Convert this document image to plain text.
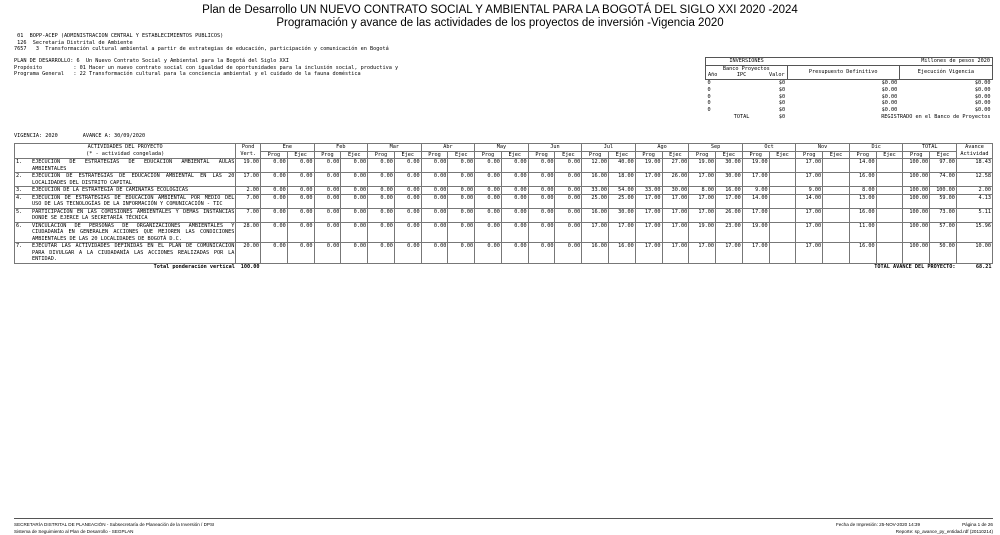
Plan de Desarrollo UN NUEVO CONTRATO SOCIAL Y AMBIENTAL PARA LA BOGOTÁ DEL SIGLO XXI 2020 -2024
Programación y avance de las actividades de los proyectos de inversión -Vigencia 2020
01  BOPP-ACEP (ADMINISTRACION CENTRAL Y ESTABLECIMIENTOS PUBLICOS)
126  Secretaría Distrital de Ambiente
7657   3  Transformación cultural ambiental a partir de estrategias de educación, participación y comunicación en Bogotá
PLAN DE DESARROLLO: 6  Un Nuevo Contrato Social y Ambiental para la Bogotá del Siglo XXI
Propósito          : 01 Hacer un nuevo contrato social con igualdad de oportunidades para la inclusión social, productiva y
Programa General   : 22 Transformación cultural para la conciencia ambiental y el cuidado de la fauna doméstica
INVERSIONES			Millones de pesos 2020	
Banco Proyectos			Presupuesto Definitivo	Ejecución Vigencia
Año	IPC	Valor		
0		$0	$0.00	$0.00
0		$0	$0.00	$0.00
0		$0	$0.00	$0.00
0		$0	$0.00	$0.00
0		$0	$0.00	$0.00
	TOTAL	$0	REGISTRADO en el Banco de Proyectos	
VIGENCIA: 2020        AVANCE A: 30/09/2020
ACTIVIDADES DEL PROYECTO		Pond	Ene		Feb		Mar		Abr		May		Jun		Jul		Ago		Sep		Oct		Nov		Dic		TOTAL		Avance
(* - actividad congelada)		Vert.	Prog	Ejec	Prog	Ejec	Prog	Ejec	Prog	Ejec	Prog	Ejec	Prog	Ejec	Prog	Ejec	Prog	Ejec	Prog	Ejec	Prog	Ejec	Prog	Ejec	Prog	Ejec	Prog	Ejec	Actividad
1.	EJECUCIÓN DE ESTRATEGIAS DE EDUCACIÓN AMBIENTAL AULAS AMBIENTALES	19.00	0.00	0.00	0.00	0.00	0.00	0.00	0.00	0.00	0.00	0.00	0.00	0.00	12.00	40.00	19.00	27.00	19.00	30.00	19.00		17.00		14.00		100.00	97.00	18.43
2.	EJECUCIÓN DE ESTRATEGIAS DE EDUCACIÓN AMBIENTAL EN LAS 20 LOCALIDADES DEL DISTRITO CAPITAL	17.00	0.00	0.00	0.00	0.00	0.00	0.00	0.00	0.00	0.00	0.00	0.00	0.00	16.00	18.00	17.00	26.00	17.00	30.00	17.00		17.00		16.00		100.00	74.00	12.58
3.	EJECUCIÓN DE LA ESTRATEGIA DE CAMINATAS ECOLÓGICAS	2.00	0.00	0.00	0.00	0.00	0.00	0.00	0.00	0.00	0.00	0.00	0.00	0.00	33.00	54.00	33.00	30.00	8.00	16.00	9.00		9.00		8.00		100.00	100.00	2.00
4.	EJECUCIÓN DE ESTRATEGIAS DE EDUCACIÓN AMBIENTAL POR MEDIO DEL USO DE LAS TECNOLOGÍAS DE LA INFORMACIÓN Y COMUNICACIÓN - TIC	7.00	0.00	0.00	0.00	0.00	0.00	0.00	0.00	0.00	0.00	0.00	0.00	0.00	25.00	25.00	17.00	17.00	17.00	17.00	14.00		14.00		13.00		100.00	59.00	4.13
5.	PARTICIPACIÓN EN LAS COMISIONES AMBIENTALES Y DEMÁS INSTANCIAS DONDE SE EJERCE LA SECRETARÍA TÉCNICA	7.00	0.00	0.00	0.00	0.00	0.00	0.00	0.00	0.00	0.00	0.00	0.00	0.00	16.00	30.00	17.00	17.00	17.00	26.00	17.00		17.00		16.00		100.00	73.00	5.11
6.	VINCULACIÓN DE PERSONAS DE ORGANIZACIONES AMBIENTALES Y CIUDADANÍA EN GENERALEN ACCIONES QUE MEJOREN LAS CONDICIONES AMBIENTALES DE LAS 20 LOCALIDADES DE BOGOTÁ D.C.	28.00	0.00	0.00	0.00	0.00	0.00	0.00	0.00	0.00	0.00	0.00	0.00	0.00	17.00	17.00	17.00	17.00	19.00	23.00	19.00		17.00		11.00		100.00	57.00	15.96
7.	EJECUTAR LAS ACTIVIDADES DEFINIDAS EN EL PLAN DE COMUNICACIÓN PARA DIVULGAR A LA CIUDADANÍA LAS ACCIONES REALIZADAS POR LA ENTIDAD.	20.00	0.00	0.00	0.00	0.00	0.00	0.00	0.00	0.00	0.00	0.00	0.00	0.00	16.00	16.00	17.00	17.00	17.00	17.00	17.00		17.00		16.00		100.00	50.00	10.00
Total ponderación vertical		100.00	TOTAL AVANCE DEL PROYECTO:																										68.21
SECRETARÍA DISTRITAL DE PLANEACIÓN - Subsecretaría de Planeación de la Inversión / DPSI
Sistema de Seguimiento al Plan de Desarrollo - SEGPLAN
Fecha de Impresión: 25-NOV-2020 14:39	Página 1 de 26
Reporte: sp_avance_py_entidad.rdf (20110214)
